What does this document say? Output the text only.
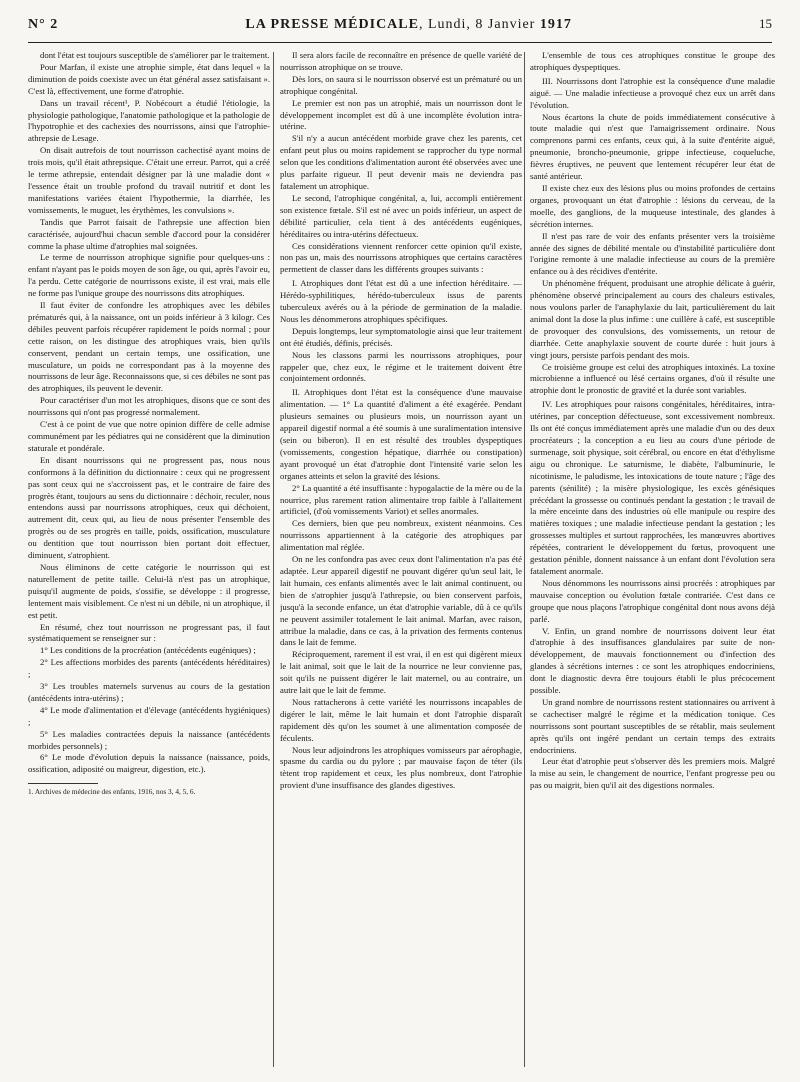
N° 2	LA PRESSE MÉDICALE, Lundi, 8 Janvier 1917	15

dont l'état est toujours susceptible de s'améliorer par le traitement.

Pour Marfan, il existe une atrophie simple, état dans lequel « la diminution de poids coexiste avec un état général assez satisfaisant ». C'est là, effectivement, une forme d'atrophie.

Dans un travail récent¹, P. Nobécourt a étudié l'étiologie, la physiologie pathologique, l'anatomie pathologique et la pathologie de l'hypotrophie et des cachexies des nourrissons, ainsi que l'atrophie-athrepsie de Lesage.

On disait autrefois de tout nourrisson cachectisé ayant moins de trois mois, qu'il était athrepsique. C'était une erreur. Parrot, qui a créé le terme athrepsie, entendait désigner par là une maladie dont « l'essence était un trouble profond du travail nutritif et dont les manifestations variées étaient l'hypothermie, la diarrhée, les vomissements, le muguet, les érythèmes, les convulsions ».

Tandis que Parrot faisait de l'athrepsie une affection bien caractérisée, aujourd'hui chacun semble d'accord pour la considérer comme la phase ultime d'atrophies mal soignées.

Le terme de nourrisson atrophique signifie pour quelques-uns : enfant n'ayant pas le poids moyen de son âge, ou qui, après l'avoir eu, l'a perdu. Cette catégorie de nourrissons existe, il est vrai, mais elle ne forme pas l'unique groupe des nourrissons dits atrophiques.

Il faut éviter de confondre les atrophiques avec les débiles prématurés qui, à la naissance, ont un poids inférieur à 3 kilogr. Ces débiles peuvent parfois récupérer rapidement le poids normal ; pour cette raison, on les distingue des atrophiques vrais, bien qu'ils conservent, pendant un certain temps, une ossification, une musculature, un poids ne correspondant pas à la moyenne des nourrissons de leur âge. Reconnaissons que, si ces débiles ne sont pas des atrophiques, ils peuvent le devenir.

Pour caractériser d'un mot les atrophiques, disons que ce sont des nourrissons qui n'ont pas progressé normalement.

C'est à ce point de vue que notre opinion diffère de celle admise communément par les pédiatres qui ne considèrent que la diminution staturale et pondérale.

En disant nourrissons qui ne progressent pas, nous nous conformons à la définition du dictionnaire : ceux qui ne progressent pas sont ceux qui ne s'accroissent pas, et le contraire de faire des progrès étant, toujours au sens du dictionnaire : déchoir, reculer, nous entendons aussi par nourrissons atrophiques, ceux qui déchoient, autrement dit, ceux qui, au lieu de nous présenter l'ensemble des progrès ou de ses progrès en taille, poids, ossification, musculature ou dentition que tout nourrisson bien portant doit effectuer, diminuent, s'atrophient.

Nous éliminons de cette catégorie le nourrisson qui est naturellement de petite taille. Celui-là n'est pas un atrophique, puisqu'il augmente de poids, s'ossifie, se développe : il progresse, lentement mais visiblement. Ce n'est ni un débile, ni un atrophique, il est petit.

En résumé, chez tout nourrisson ne progressant pas, il faut systématiquement se renseigner sur :

1° Les conditions de la procréation (antécédents eugéniques) ;

2° Les affections morbides des parents (antécédents héréditaires) ;

3° Les troubles maternels survenus au cours de la gestation (antécédents intra-utérins) ;

4° Le mode d'alimentation et d'élevage (antécédents hygiéniques) ;

5° Les maladies contractées depuis la naissance (antécédents morbides personnels) ;

6° Le mode d'évolution depuis la naissance (naissance, poids, ossification, adiposité ou maigreur, digestion, etc.).

1. Archives de médecine des enfants, 1916, nos 3, 4, 5, 6.

Il sera alors facile de reconnaître en présence de quelle variété de nourrisson atrophique on se trouve.

Dès lors, on saura si le nourrisson observé est un prématuré ou un atrophique congénital.

Le premier est non pas un atrophié, mais un nourrisson dont le développement incomplet est dû à une incomplète évolution intra-utérine.

S'il n'y a aucun antécédent morbide grave chez les parents, cet enfant peut plus ou moins rapidement se rapprocher du type normal selon que les conditions d'alimentation auront été observées avec une plus parfaite rigueur. Il peut devenir mais ne deviendra pas fatalement un atrophique.

Le second, l'atrophique congénital, a, lui, accompli entièrement son existence fœtale. S'il est né avec un poids inférieur, un aspect de débilité particulier, cela tient à des antécédents eugéniques, héréditaires ou intra-utérins défectueux.

Ces considérations viennent renforcer cette opinion qu'il existe, non pas un, mais des nourrissons atrophiques que certains caractères permettent de classer dans les différents groupes suivants :

I. Atrophiques dont l'état est dû a une infection héréditaire. — Hérédo-syphilitiques, hérédo-tuberculeux issus de parents tuberculeux avérés ou à la période de germination de la maladie. Nous les dénommerons atrophiques spécifiques.

Depuis longtemps, leur symptomatologie ainsi que leur traitement ont été étudiés, définis, précisés.

Nous les classons parmi les nourrissons atrophiques, pour rappeler que, chez eux, le régime et le traitement doivent être conjointement ordonnés.

II. Atrophiques dont l'état est la conséquence d'une mauvaise alimentation. — 1° La quantité d'aliment a été exagérée. Pendant plusieurs semaines ou plusieurs mois, un nourrisson ayant un appareil digestif normal a été soumis à une suralimentation intensive (sein ou biberon). Il en est résulté des troubles dyspeptiques (vomissements, congestion hépatique, diarrhée ou constipation) ayant provoqué un état d'atrophie dont l'intensité varie selon les organes atteints et selon la gravité des lésions.

2° La quantité a été insuffisante : hypogalactie de la mère ou de la nourrice, plus rarement ration alimentaire trop faible à l'allaitement artificiel, (d'où vomissements Variot) et selles anormales.

Ces derniers, bien que peu nombreux, existent néanmoins. Ces nourrissons appartiennent à la catégorie des atrophiques par alimentation mal réglée.

On ne les confondra pas avec ceux dont l'alimentation n'a pas été adaptée. Leur appareil digestif ne pouvant digérer qu'un seul lait, le lait humain, ces enfants alimentés avec le lait animal continuent, ou bien de s'atrophier jusqu'à l'athrepsie, ou bien conservent parfois, jusqu'à la seconde enfance, un état d'atrophie variable, dû à ce qu'ils ne peuvent assimiler totalement le lait animal. Marfan, avec raison, attribue la maladie, dans ce cas, à la privation des ferments contenus dans le lait de femme.

Réciproquement, rarement il est vrai, il en est qui digèrent mieux le lait animal, soit que le lait de la nourrice ne leur convienne pas, soit qu'ils ne puissent digérer le lait maternel, ou au contraire, un autre lait que le lait de femme.

Nous rattacherons à cette variété les nourrissons incapables de digérer le lait, même le lait humain et dont l'atrophie disparaît rapidement dès qu'on les soumet à une alimentation composée de féculents.

Nous leur adjoindrons les atrophiques vomisseurs par aérophagie, spasme du cardia ou du pylore ; par mauvaise façon de téter (ils tètent trop rapidement et ceux, les plus nombreux, dont l'atrophie provient d'une insuffisance des glandes digestives.

L'ensemble de tous ces atrophiques constitue le groupe des atrophiques dyspeptiques.

III. Nourrissons dont l'atrophie est la conséquence d'une maladie aiguë. — Une maladie infectieuse a provoqué chez eux un arrêt dans l'évolution.

Nous écartons la chute de poids immédiatement consécutive à toute maladie qui n'est que l'amaigrissement ordinaire. Nous comprenons parmi ces enfants, ceux qui, à la suite d'entérite aiguë, pneumonie, broncho-pneumonie, grippe infectieuse, coqueluche, fièvres éruptives, ne peuvent que lentement récupérer leur état de santé antérieur.

Il existe chez eux des lésions plus ou moins profondes de certains organes, provoquant un état d'atrophie : lésions du cerveau, de la moelle, des ganglions, de la muqueuse intestinale, des glandes à sécrétion internes.

Il n'est pas rare de voir des enfants présenter vers la troisième année des signes de débilité mentale ou d'instabilité particulière dont l'origine remonte à une maladie infectieuse au cours de la première enfance ou à des récidives d'entérite.

Un phénomène fréquent, produisant une atrophie délicate à guérir, phénomène observé principalement au cours des chaleurs estivales, nous voulons parler de l'anaphylaxie du lait, particulièrement du lait animal dont la dose la plus infime : une cuillère à café, est susceptible de provoquer des convulsions, des vomissements, un retour de diarrhée. Cette anaphylaxie souvent de courte durée : huit jours à vingt jours, persiste parfois pendant des mois.

Ce troisième groupe est celui des atrophiques intoxinés. La toxine microbienne a influencé ou lésé certains organes, d'où il résulte une atrophie dont le pronostic de gravité et la durée sont variables.

IV. Les atrophiques pour raisons congénitales, héréditaires, intra-utérines, par conception défectueuse, sont excessivement nombreux. Ils ont été conçus immédiatement après une maladie d'un ou des deux procréateurs ; la conception a eu lieu au cours d'une période de surmenage, soit physique, soit cérébral, ou encore en état d'éthylisme aigu ou chronique. Le saturnisme, le diabète, l'albuminurie, le nicotinisme, le paludisme, les intoxications de toute nature ; l'âge des parents (sénilité) ; la misère physiologique, les excès génésiques précédant la grossesse ou continués pendant la gestation ; le travail de la mère enceinte dans des industries où elle manipule ou respire des matières toxiques ; une maladie infectieuse pendant la gestation ; les grossesses multiples et surtout rapprochées, les manœuvres abortives répétées, contrarient le développement du fœtus, provoquent une gestation pénible, donnent naissance à un enfant dont l'évolution sera fatalement anormale.

Nous dénommons les nourrissons ainsi procréés : atrophiques par mauvaise conception ou évolution fœtale contrariée. C'est dans ce groupe que nous plaçons l'atrophique congénital dont nous avons déjà parlé.

V. Enfin, un grand nombre de nourrissons doivent leur état d'atrophie à des insuffisances glandulaires par suite de non-développement, de mauvais fonctionnement ou d'infection des glandes à sécrétions internes : ce sont les atrophiques endocriniens, dont le diagnostic devra être toujours établi le plus précocement possible.

Un grand nombre de nourrissons restent stationnaires ou arrivent à se cachectiser malgré le régime et la médication tonique. Ces nourrissons sont pourtant susceptibles de se rétablir, mais seulement après qu'ils ont ingéré pendant un certain temps des extraits endocriniens.

Leur état d'atrophie peut s'observer dès les premiers mois. Malgré la mise au sein, le changement de nourrice, l'enfant progresse peu ou pas ou maigrit, bien qu'il ait des digestions normales.
